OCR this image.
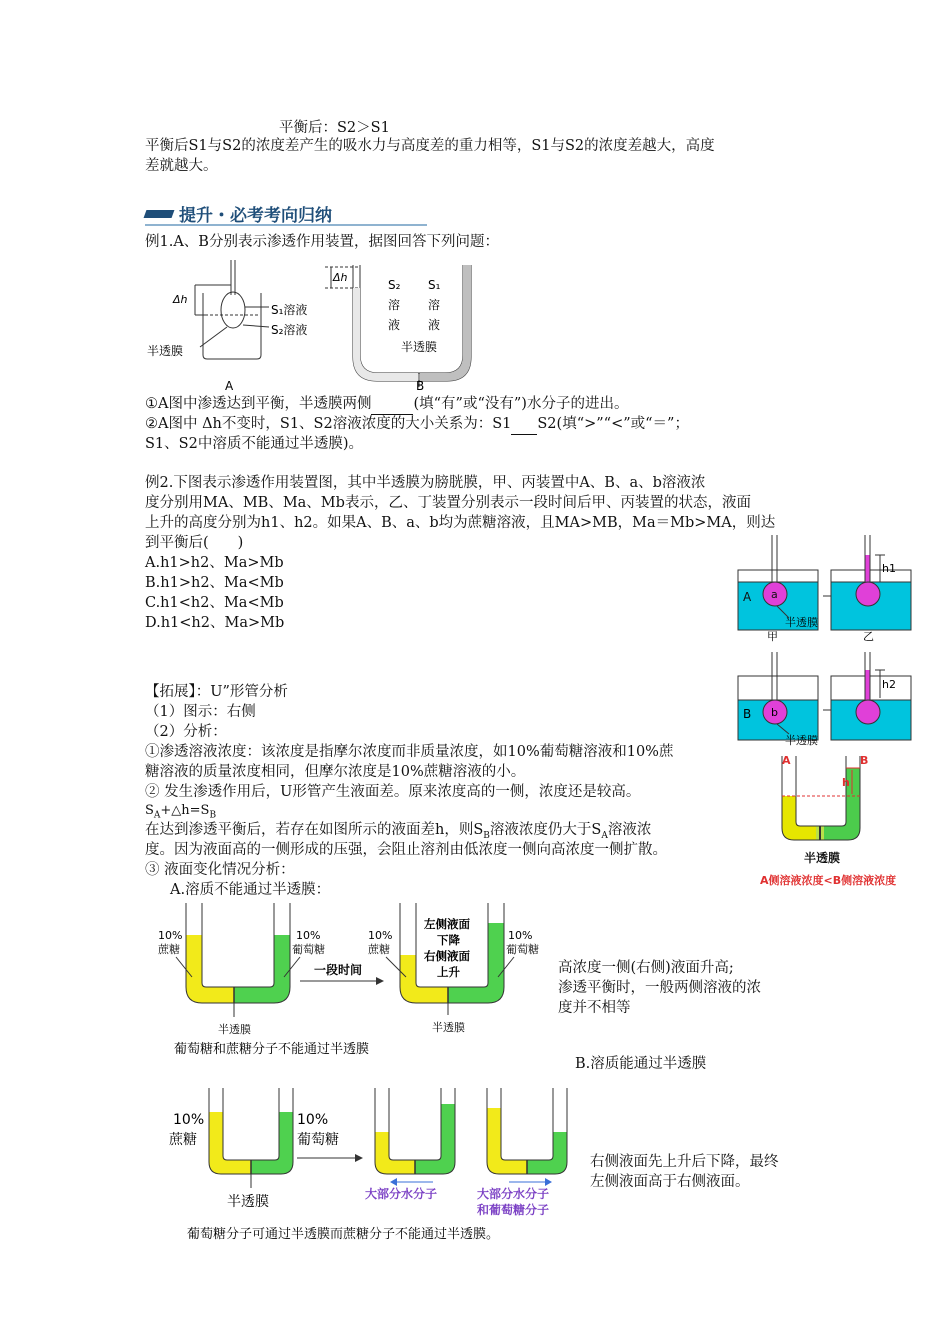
平衡后：S2＞S1
平衡后S1与S2的浓度差产生的吸水力与高度差的重力相等，S1与S2的浓度差越大，高度
差就越大。
提升・必考考向归纳
例1.A、B分别表示渗透作用装置，据图回答下列问题：
Δh
S₁溶液
S₂溶液
半透膜
A
Δh
S₂
溶
液
S₁
溶
液
半透膜
B
①A图中渗透达到平衡，半透膜两侧	(填“有”或“没有”)水分子的进出。
②A图中 Δh不变时，S1、S2溶液浓度的大小关系为：S1 S2(填“>”“<”或“＝”；
S1、S2中溶质不能通过半透膜)。
例2.下图表示渗透作用装置图，其中半透膜为膀胱膜，甲、丙装置中A、B、a、b溶液浓
度分别用MA、MB、Ma、Mb表示，乙、丁装置分别表示一段时间后甲、丙装置的状态，液面
上升的高度分别为h1、h2。如果A、B、a、b均为蔗糖溶液，且MA>MB，Ma＝Mb>MA，则达
到平衡后(　　)
A.h1>h2、Ma>Mb
B.h1>h2、Ma<Mb
C.h1<h2、Ma<Mb
D.h1<h2、Ma>Mb
A a
半透膜
甲
h1
乙
B b
半透膜
h2
【拓展】：U”形管分析
（1）图示：右侧
（2）分析：
①渗透溶液浓度：该浓度是指摩尔浓度而非质量浓度，如10%葡萄糖溶液和10%蔗
糖溶液的质量浓度相同，但摩尔浓度是10%蔗糖溶液的小。
② 发生渗透作用后，U形管产生液面差。原来浓度高的一侧，浓度还是较高。
$S_A+\triangle h=S_B$
在达到渗透平衡后，若存在如图所示的液面差h，则$S_B$溶液浓度仍大于$S_A$溶液浓
度。因为液面高的一侧形成的压强，会阻止溶剂由低浓度一侧向高浓度一侧扩散。
③ 液面变化情况分析：
A.溶质不能通过半透膜：
A	B
h
半透膜
A侧溶液浓度<B侧溶液浓度
10%
蔗糖
10%
葡萄糖
半透膜
葡萄糖和蔗糖分子不能通过半透膜
一段时间
10%
蔗糖
10%
葡萄糖
左侧液面
下降
右侧液面
上升
半透膜
高浓度一侧(右侧)液面升高;
渗透平衡时，一般两侧溶液的浓
度并不相等
B.溶质能通过半透膜
10%
蔗糖
10%
葡萄糖
半透膜
葡萄糖分子可通过半透膜而蔗糖分子不能通过半透膜。
大部分水分子	大部分水分子
和葡萄糖分子
右侧液面先上升后下降，最终
左侧液面高于右侧液面。
